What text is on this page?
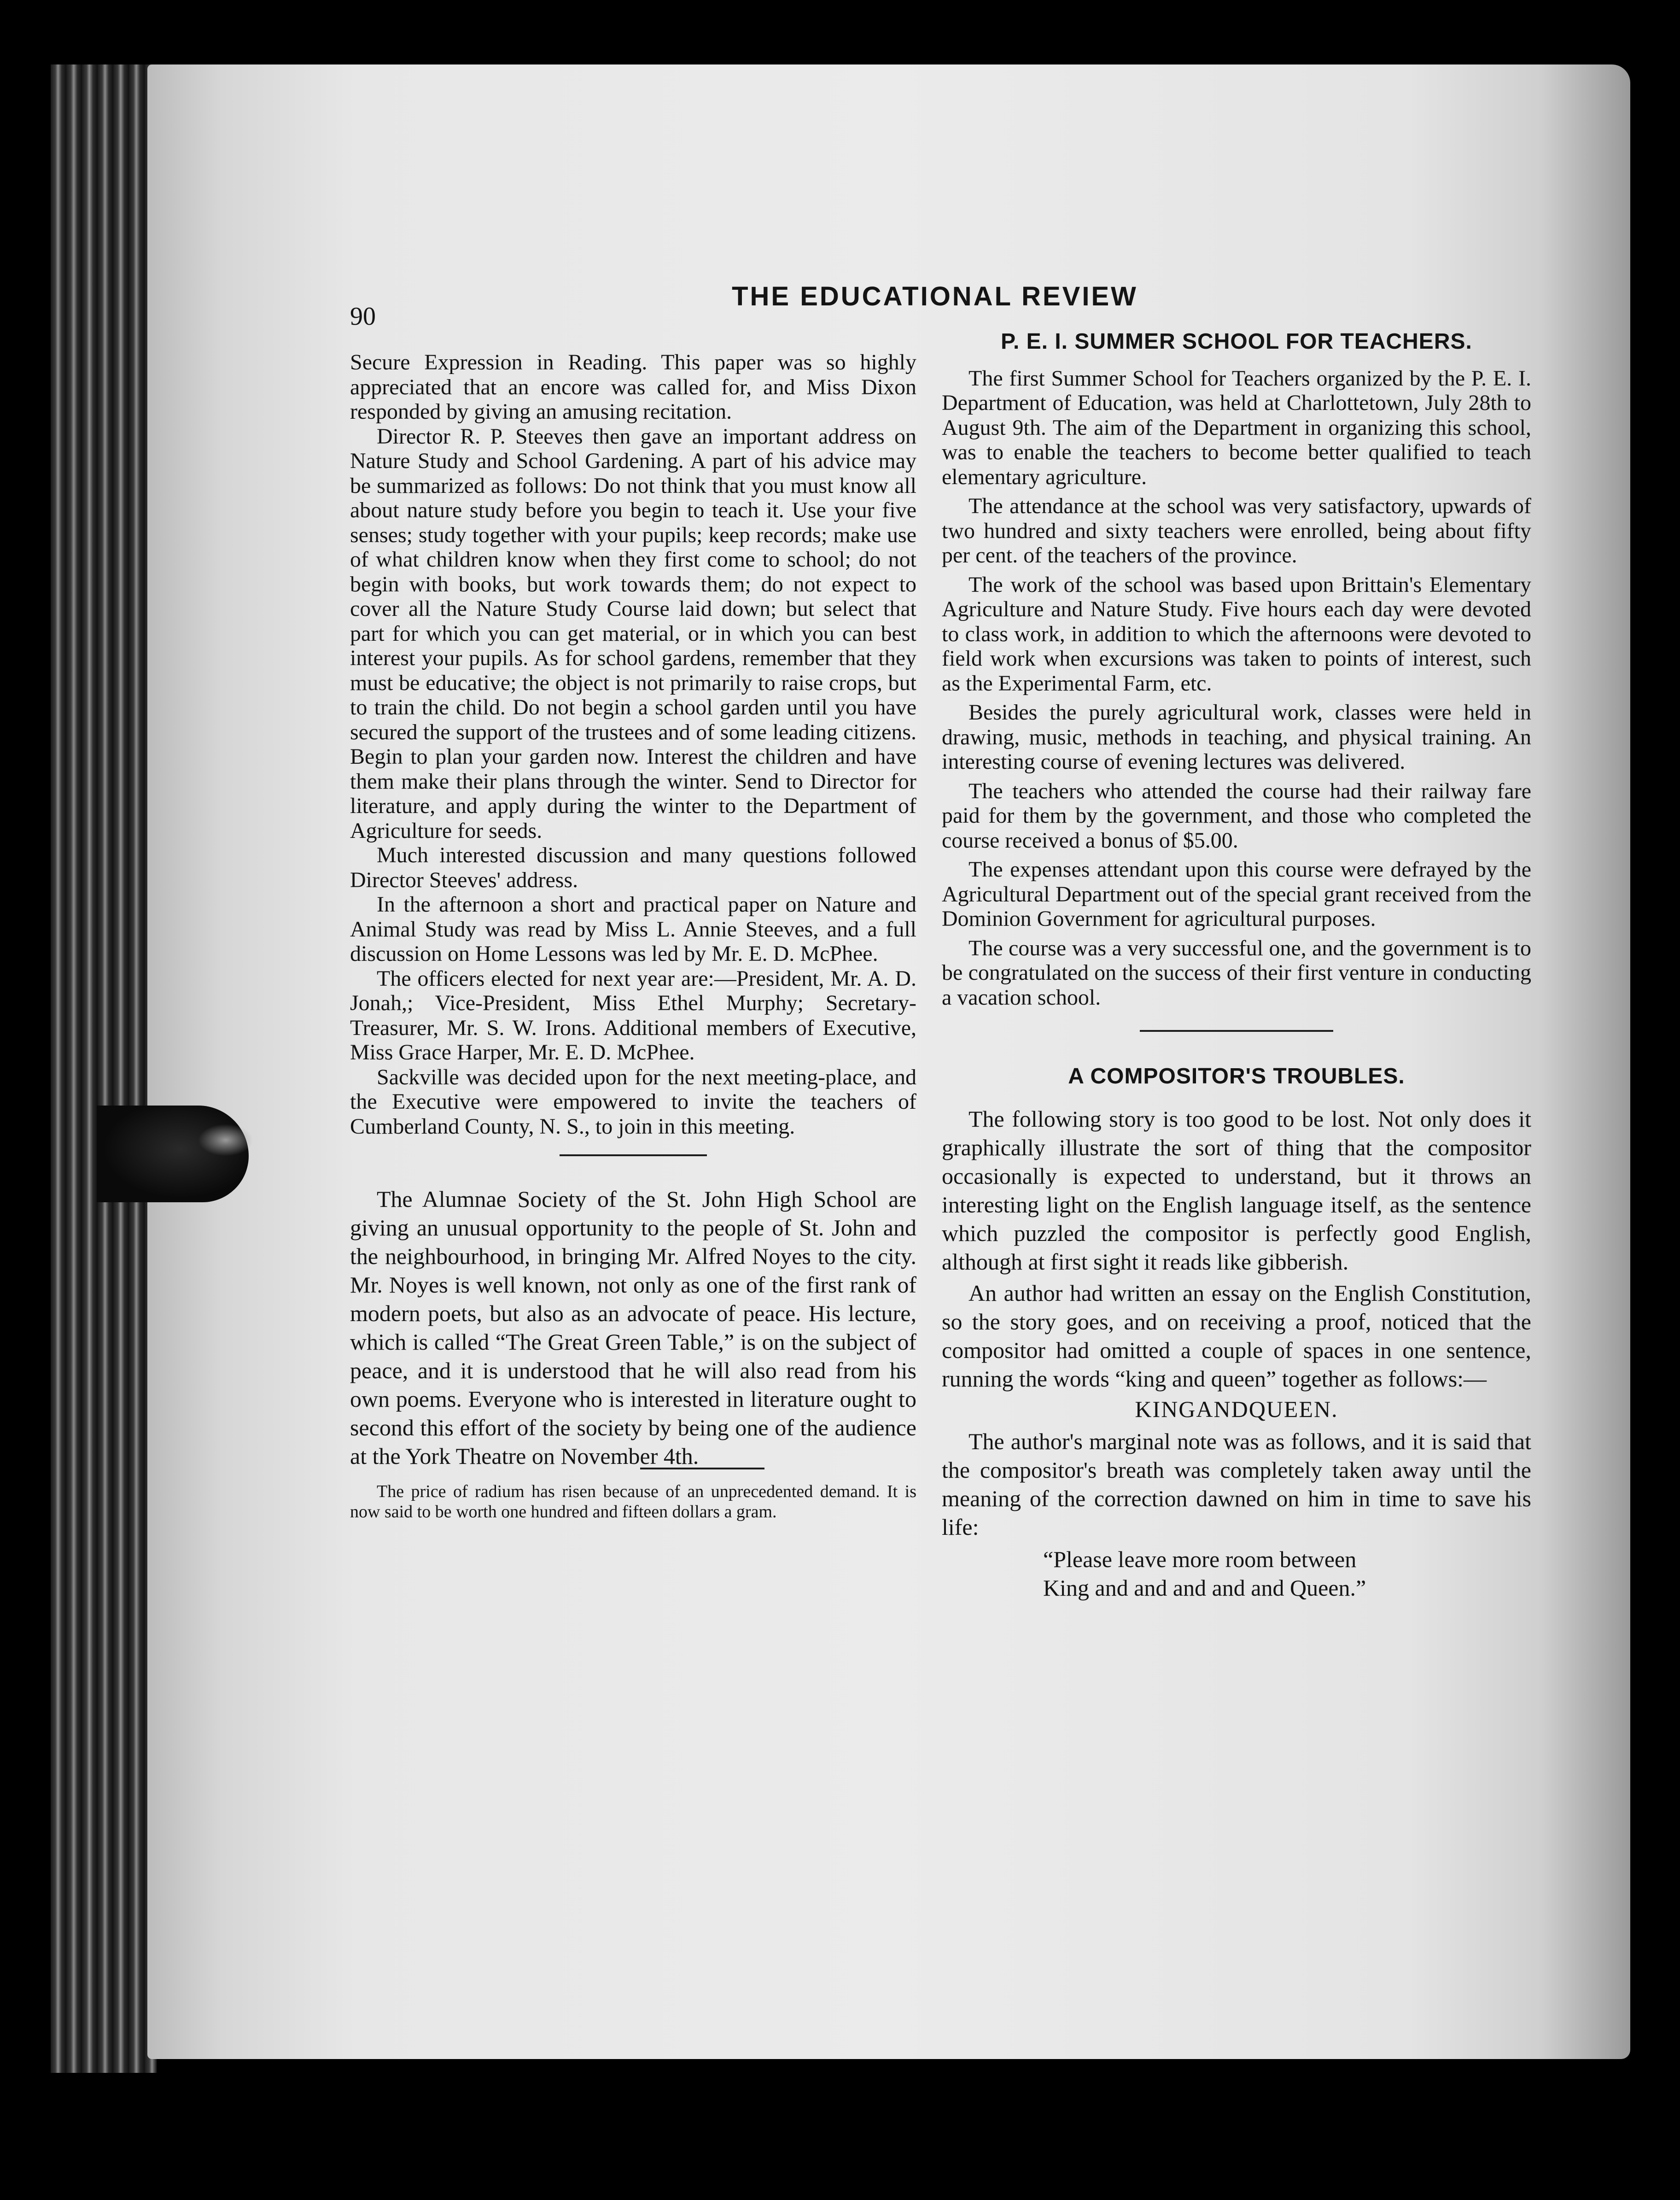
90
THE EDUCATIONAL REVIEW

Secure Expression in Reading. This paper was so highly appreciated that an encore was called for, and Miss Dixon responded by giving an amusing recitation.

Director R. P. Steeves then gave an important address on Nature Study and School Gardening. A part of his advice may be summarized as follows: Do not think that you must know all about nature study before you begin to teach it. Use your five senses; study together with your pupils; keep records; make use of what children know when they first come to school; do not begin with books, but work towards them; do not expect to cover all the Nature Study Course laid down; but select that part for which you can get material, or in which you can best interest your pupils. As for school gardens, remember that they must be educative; the object is not primarily to raise crops, but to train the child. Do not begin a school garden until you have secured the support of the trustees and of some leading citizens. Begin to plan your garden now. Interest the children and have them make their plans through the winter. Send to Director for literature, and apply during the winter to the Department of Agriculture for seeds.

Much interested discussion and many questions followed Director Steeves' address.

In the afternoon a short and practical paper on Nature and Animal Study was read by Miss L. Annie Steeves, and a full discussion on Home Lessons was led by Mr. E. D. McPhee.

The officers elected for next year are:—President, Mr. A. D. Jonah,; Vice-President, Miss Ethel Murphy; Secretary-Treasurer, Mr. S. W. Irons. Additional members of Executive, Miss Grace Harper, Mr. E. D. McPhee.

Sackville was decided upon for the next meeting-place, and the Executive were empowered to invite the teachers of Cumberland County, N. S., to join in this meeting.

The Alumnae Society of the St. John High School are giving an unusual opportunity to the people of St. John and the neighbourhood, in bringing Mr. Alfred Noyes to the city. Mr. Noyes is well known, not only as one of the first rank of modern poets, but also as an advocate of peace. His lecture, which is called “The Great Green Table,” is on the subject of peace, and it is understood that he will also read from his own poems. Everyone who is interested in literature ought to second this effort of the society by being one of the audience at the York Theatre on November 4th.

The price of radium has risen because of an unprecedented demand. It is now said to be worth one hundred and fifteen dollars a gram.

P. E. I. SUMMER SCHOOL FOR TEACHERS.

The first Summer School for Teachers organized by the P. E. I. Department of Education, was held at Charlottetown, July 28th to August 9th. The aim of the Department in organizing this school, was to enable the teachers to become better qualified to teach elementary agriculture.

The attendance at the school was very satisfactory, upwards of two hundred and sixty teachers were enrolled, being about fifty per cent. of the teachers of the province.

The work of the school was based upon Brittain's Elementary Agriculture and Nature Study. Five hours each day were devoted to class work, in addition to which the afternoons were devoted to field work when excursions was taken to points of interest, such as the Experimental Farm, etc.

Besides the purely agricultural work, classes were held in drawing, music, methods in teaching, and physical training. An interesting course of evening lectures was delivered.

The teachers who attended the course had their railway fare paid for them by the government, and those who completed the course received a bonus of $5.00.

The expenses attendant upon this course were defrayed by the Agricultural Department out of the special grant received from the Dominion Government for agricultural purposes.

The course was a very successful one, and the government is to be congratulated on the success of their first venture in conducting a vacation school.

A COMPOSITOR'S TROUBLES.

The following story is too good to be lost. Not only does it graphically illustrate the sort of thing that the compositor occasionally is expected to understand, but it throws an interesting light on the English language itself, as the sentence which puzzled the compositor is perfectly good English, although at first sight it reads like gibberish.

An author had written an essay on the English Constitution, so the story goes, and on receiving a proof, noticed that the compositor had omitted a couple of spaces in one sentence, running the words “king and queen” together as follows:—

KINGANDQUEEN.

The author's marginal note was as follows, and it is said that the compositor's breath was completely taken away until the meaning of the correction dawned on him in time to save his life:

“Please leave more room between
King and and and and and Queen.”
